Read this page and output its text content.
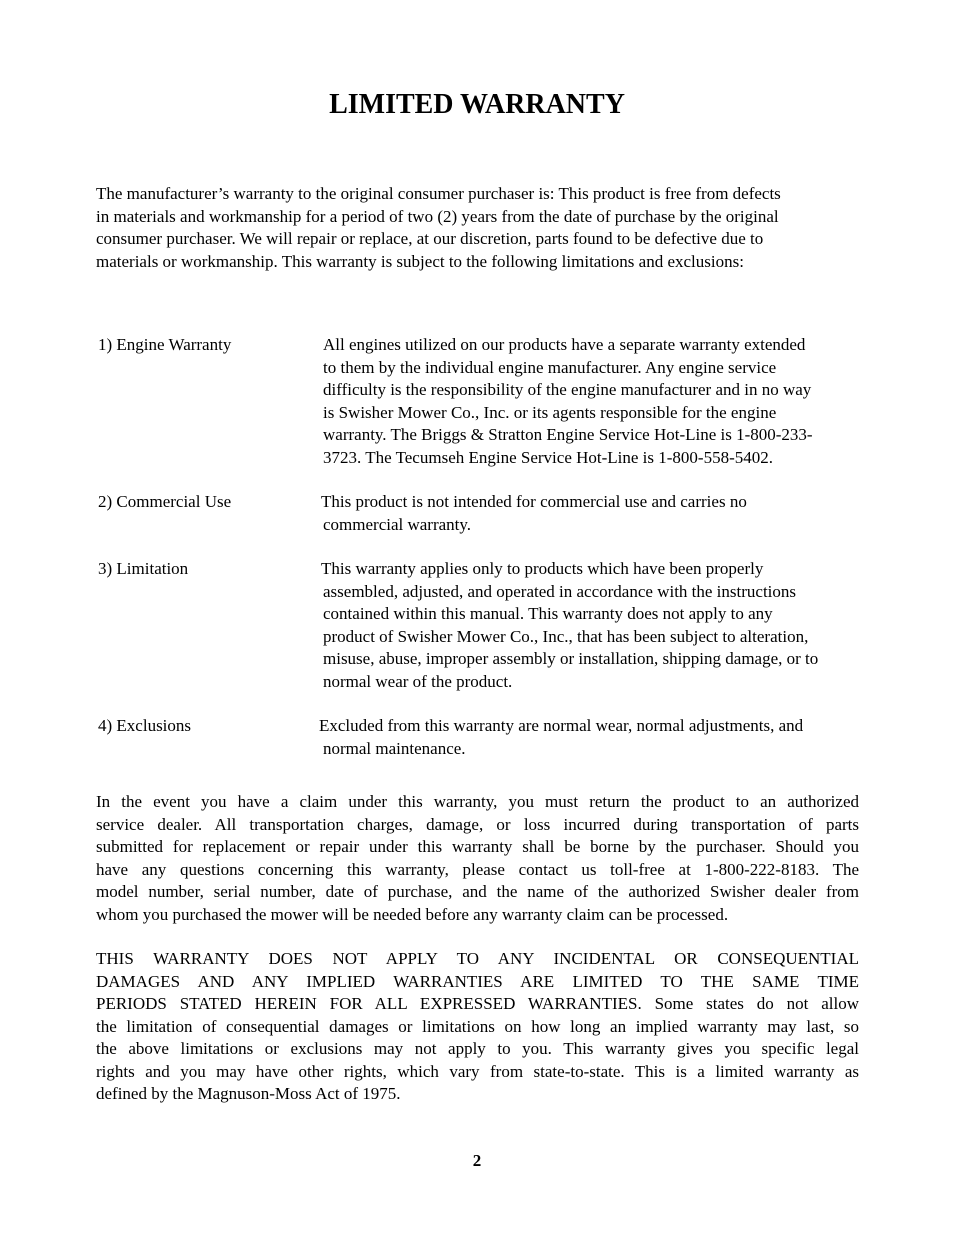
LIMITED WARRANTY
The manufacturer’s warranty to the original consumer purchaser is: This product is free from defects
in materials and workmanship for a period of two (2) years from the date of purchase by the original
consumer purchaser. We will repair or replace, at our discretion, parts found to be defective due to
materials or workmanship. This warranty is subject to the following limitations and exclusions:
1) Engine Warranty	All engines utilized on our products have a separate warranty extended
to them by the individual engine manufacturer. Any engine service
difficulty is the responsibility of the engine manufacturer and in no way
is Swisher Mower Co., Inc. or its agents responsible for the engine
warranty. The Briggs & Stratton Engine Service Hot-Line is 1-800-233-
3723. The Tecumseh Engine Service Hot-Line is 1-800-558-5402.
2) Commercial Use	This product is not intended for commercial use and carries no
commercial warranty.
3) Limitation	This warranty applies only to products which have been properly
assembled, adjusted, and operated in accordance with the instructions
contained within this manual. This warranty does not apply to any
product of Swisher Mower Co., Inc., that has been subject to alteration,
misuse, abuse, improper assembly or installation, shipping damage, or to
normal wear of the product.
4) Exclusions	Excluded from this warranty are normal wear, normal adjustments, and
normal maintenance.
In the event you have a claim under this warranty, you must return the product to an authorized
service dealer. All transportation charges, damage, or loss incurred during transportation of parts
submitted for replacement or repair under this warranty shall be borne by the purchaser. Should you
have any questions concerning this warranty, please contact us toll-free at 1-800-222-8183. The
model number, serial number, date of purchase, and the name of the authorized Swisher dealer from
whom you purchased the mower will be needed before any warranty claim can be processed.
THIS WARRANTY DOES NOT APPLY TO ANY INCIDENTAL OR CONSEQUENTIAL
DAMAGES AND ANY IMPLIED WARRANTIES ARE LIMITED TO THE SAME TIME
PERIODS STATED HEREIN FOR ALL EXPRESSED WARRANTIES. Some states do not allow
the limitation of consequential damages or limitations on how long an implied warranty may last, so
the above limitations or exclusions may not apply to you. This warranty gives you specific legal
rights and you may have other rights, which vary from state-to-state. This is a limited warranty as
defined by the Magnuson-Moss Act of 1975.
2
